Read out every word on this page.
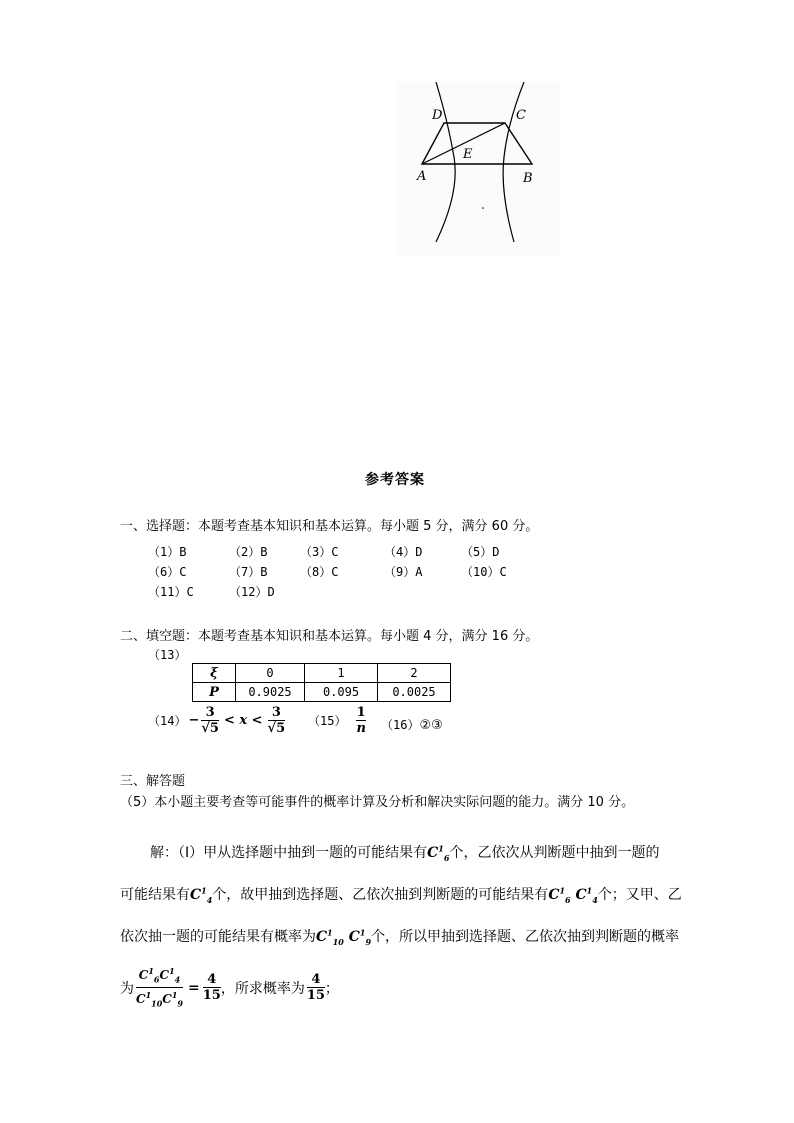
D	C
E
A	B
参考答案
一、选择题：本题考查基本知识和基本运算。每小题 5 分，满分 60 分。
（1）B	（2）B	（3）C	（4）D	（5）D
（6）C	（7）B	（8）C	（9）A	（10）C
（11）C	（12）D
二、填空题：本题考查基本知识和基本运算。每小题 4 分，满分 16 分。
（13）
ξ	0	1	2
P	0.9025	0.095	0.0025
$(14) - \frac{3}{√5} < x < \frac{3}{√5} (15) \frac{1}{n}$ （16）②③
三、解答题
（5）本小题主要考查等可能事件的概率计算及分析和解决实际问题的能力。满分 10 分。
解：（Ⅰ）甲从选择题中抽到一题的可能结果有$C^1_6$个，乙依次从判断题中抽到一题的
可能结果有$C^1_4$个，故甲抽到选择题、乙依次抽到判断题的可能结果有$C^1_6$ $C^1_4$个；又甲、乙
依次抽一题的可能结果有概率为$C^1_{10}$ $C^1_9$个，所以甲抽到选择题、乙依次抽到判断题的概率
为 $\frac{C^1_6C^1_4}{C^1_{10}C^1_9} = \frac{4}{15}$ ，所求概率为 $\frac{4}{15}$ ；
